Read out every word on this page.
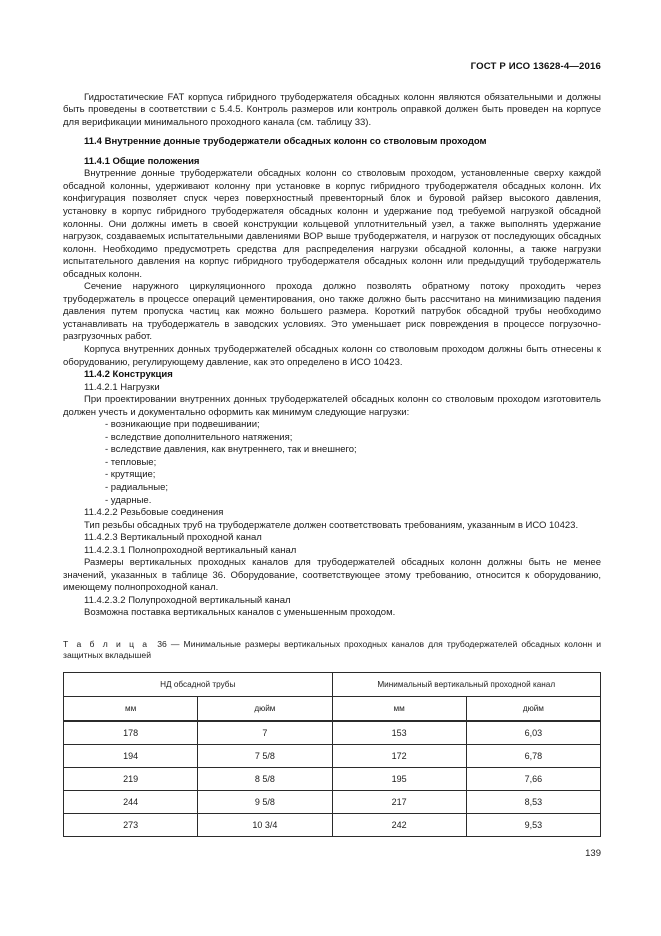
ГОСТ Р ИСО 13628-4—2016

Гидростатические FAT корпуса гибридного трубодержателя обсадных колонн являются обязательными и должны быть проведены в соответствии с 5.4.5. Контроль размеров или контроль оправкой должен быть проведен на корпусе для верификации минимального проходного канала (см. таблицу 33).

11.4 Внутренние донные трубодержатели обсадных колонн со стволовым проходом

11.4.1 Общие положения

Внутренние донные трубодержатели обсадных колонн со стволовым проходом, установленные сверху каждой обсадной колонны, удерживают колонну при установке в корпус гибридного трубодержателя обсадных колонн. Их конфигурация позволяет спуск через поверхностный превенторный блок и буровой райзер высокого давления, установку в корпус гибридного трубодержателя обсадных колонн и удержание под требуемой нагрузкой обсадной колонны. Они должны иметь в своей конструкции кольцевой уплотнительный узел, а также выполнять удержание нагрузок, создаваемых испытательными давлениями ВОР выше трубодержателя, и нагрузок от последующих обсадных колонн. Необходимо предусмотреть средства для распределения нагрузки обсадной колонны, а также нагрузки испытательного давления на корпус гибридного трубодержателя обсадных колонн или предыдущий трубодержатель обсадных колонн.

Сечение наружного циркуляционного прохода должно позволять обратному потоку проходить через трубодержатель в процессе операций цементирования, оно также должно быть рассчитано на минимизацию падения давления путем пропуска частиц как можно большего размера. Короткий патрубок обсадной трубы необходимо устанавливать на трубодержатель в заводских условиях. Это уменьшает риск повреждения в процессе погрузочно-разгрузочных работ.

Корпуса внутренних донных трубодержателей обсадных колонн со стволовым проходом должны быть отнесены к оборудованию, регулирующему давление, как это определено в ИСО 10423.

11.4.2 Конструкция

11.4.2.1 Нагрузки

При проектировании внутренних донных трубодержателей обсадных колонн со стволовым проходом изготовитель должен учесть и документально оформить как минимум следующие нагрузки:

- возникающие при подвешивании;

- вследствие дополнительного натяжения;

- вследствие давления, как внутреннего, так и внешнего;

- тепловые;

- крутящие;

- радиальные;

- ударные.

11.4.2.2 Резьбовые соединения

Тип резьбы обсадных труб на трубодержателе должен соответствовать требованиям, указанным в ИСО 10423.

11.4.2.3 Вертикальный проходной канал

11.4.2.3.1 Полнопроходной вертикальный канал

Размеры вертикальных проходных каналов для трубодержателей обсадных колонн должны быть не менее значений, указанных в таблице 36. Оборудование, соответствующее этому требованию, относится к оборудованию, имеющему полнопроходной канал.

11.4.2.3.2 Полупроходной вертикальный канал

Возможна поставка вертикальных каналов с уменьшенным проходом.

Т а б л и ц а 36 — Минимальные размеры вертикальных проходных каналов для трубодержателей обсадных колонн и защитных вкладышей

НД обсадной трубы		Минимальный вертикальный проходной канал	
мм	дюйм	мм	дюйм
178	7	153	6,03
194	7 5/8	172	6,78
219	8 5/8	195	7,66
244	9 5/8	217	8,53
273	10 3/4	242	9,53
139
